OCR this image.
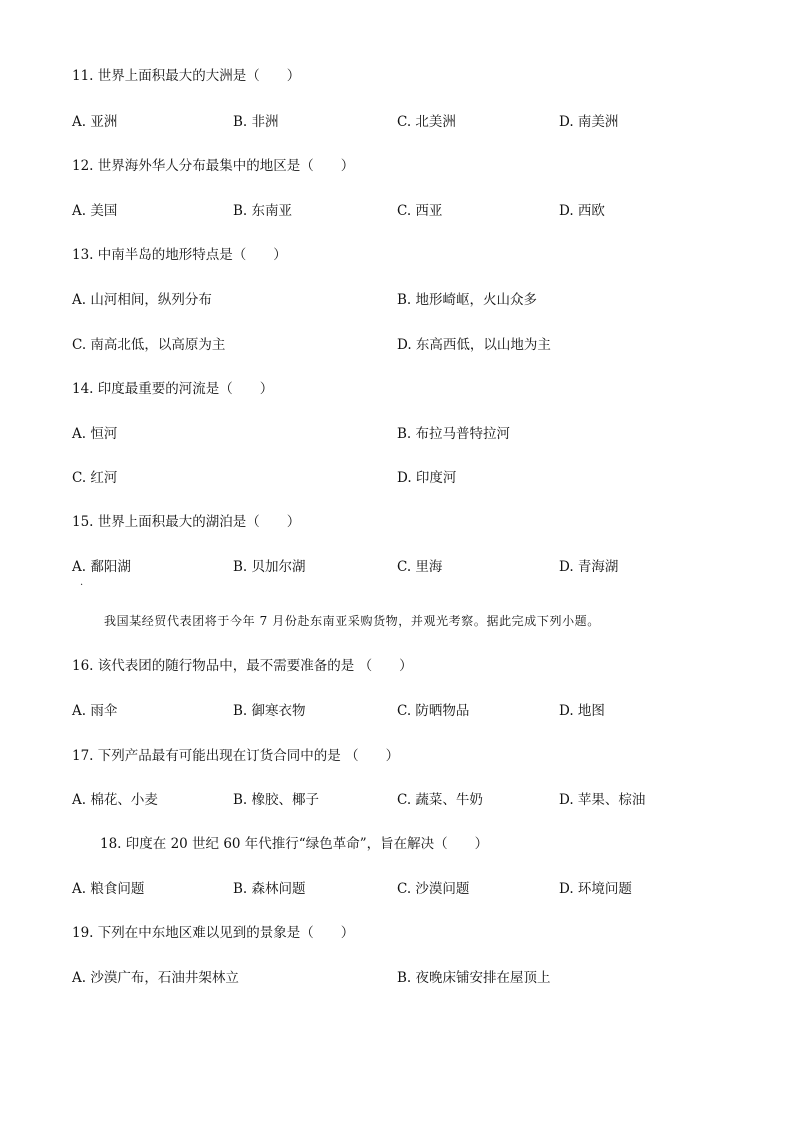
11. 世界上面积最大的大洲是（　　）
A. 亚洲	B. 非洲	C. 北美洲	D. 南美洲
12. 世界海外华人分布最集中的地区是（　　）
A. 美国	B. 东南亚	C. 西亚	D. 西欧
13. 中南半岛的地形特点是（　　）
A. 山河相间，纵列分布	B. 地形崎岖，火山众多
C. 南高北低，以高原为主	D. 东高西低，以山地为主
14. 印度最重要的河流是（　　）
A. 恒河	B. 布拉马普特拉河
C. 红河	D. 印度河
15. 世界上面积最大的湖泊是（　　）
A. 鄱阳湖	B. 贝加尔湖	C. 里海	D. 青海湖
·
我国某经贸代表团将于今年 7 月份赴东南亚采购货物，并观光考察。据此完成下列小题。
16. 该代表团的随行物品中，最不需要准备的是 （　　）
A. 雨伞	B. 御寒衣物	C. 防晒物品	D. 地图
17. 下列产品最有可能出现在订货合同中的是 （　　）
A. 棉花、小麦	B. 橡胶、椰子	C. 蔬菜、牛奶	D. 苹果、棕油
18. 印度在 20 世纪 60 年代推行“绿色革命”，旨在解决（　　）
A. 粮食问题	B. 森林问题	C. 沙漠问题	D. 环境问题
19. 下列在中东地区难以见到的景象是（　　）
A. 沙漠广布，石油井架林立	B. 夜晚床铺安排在屋顶上
